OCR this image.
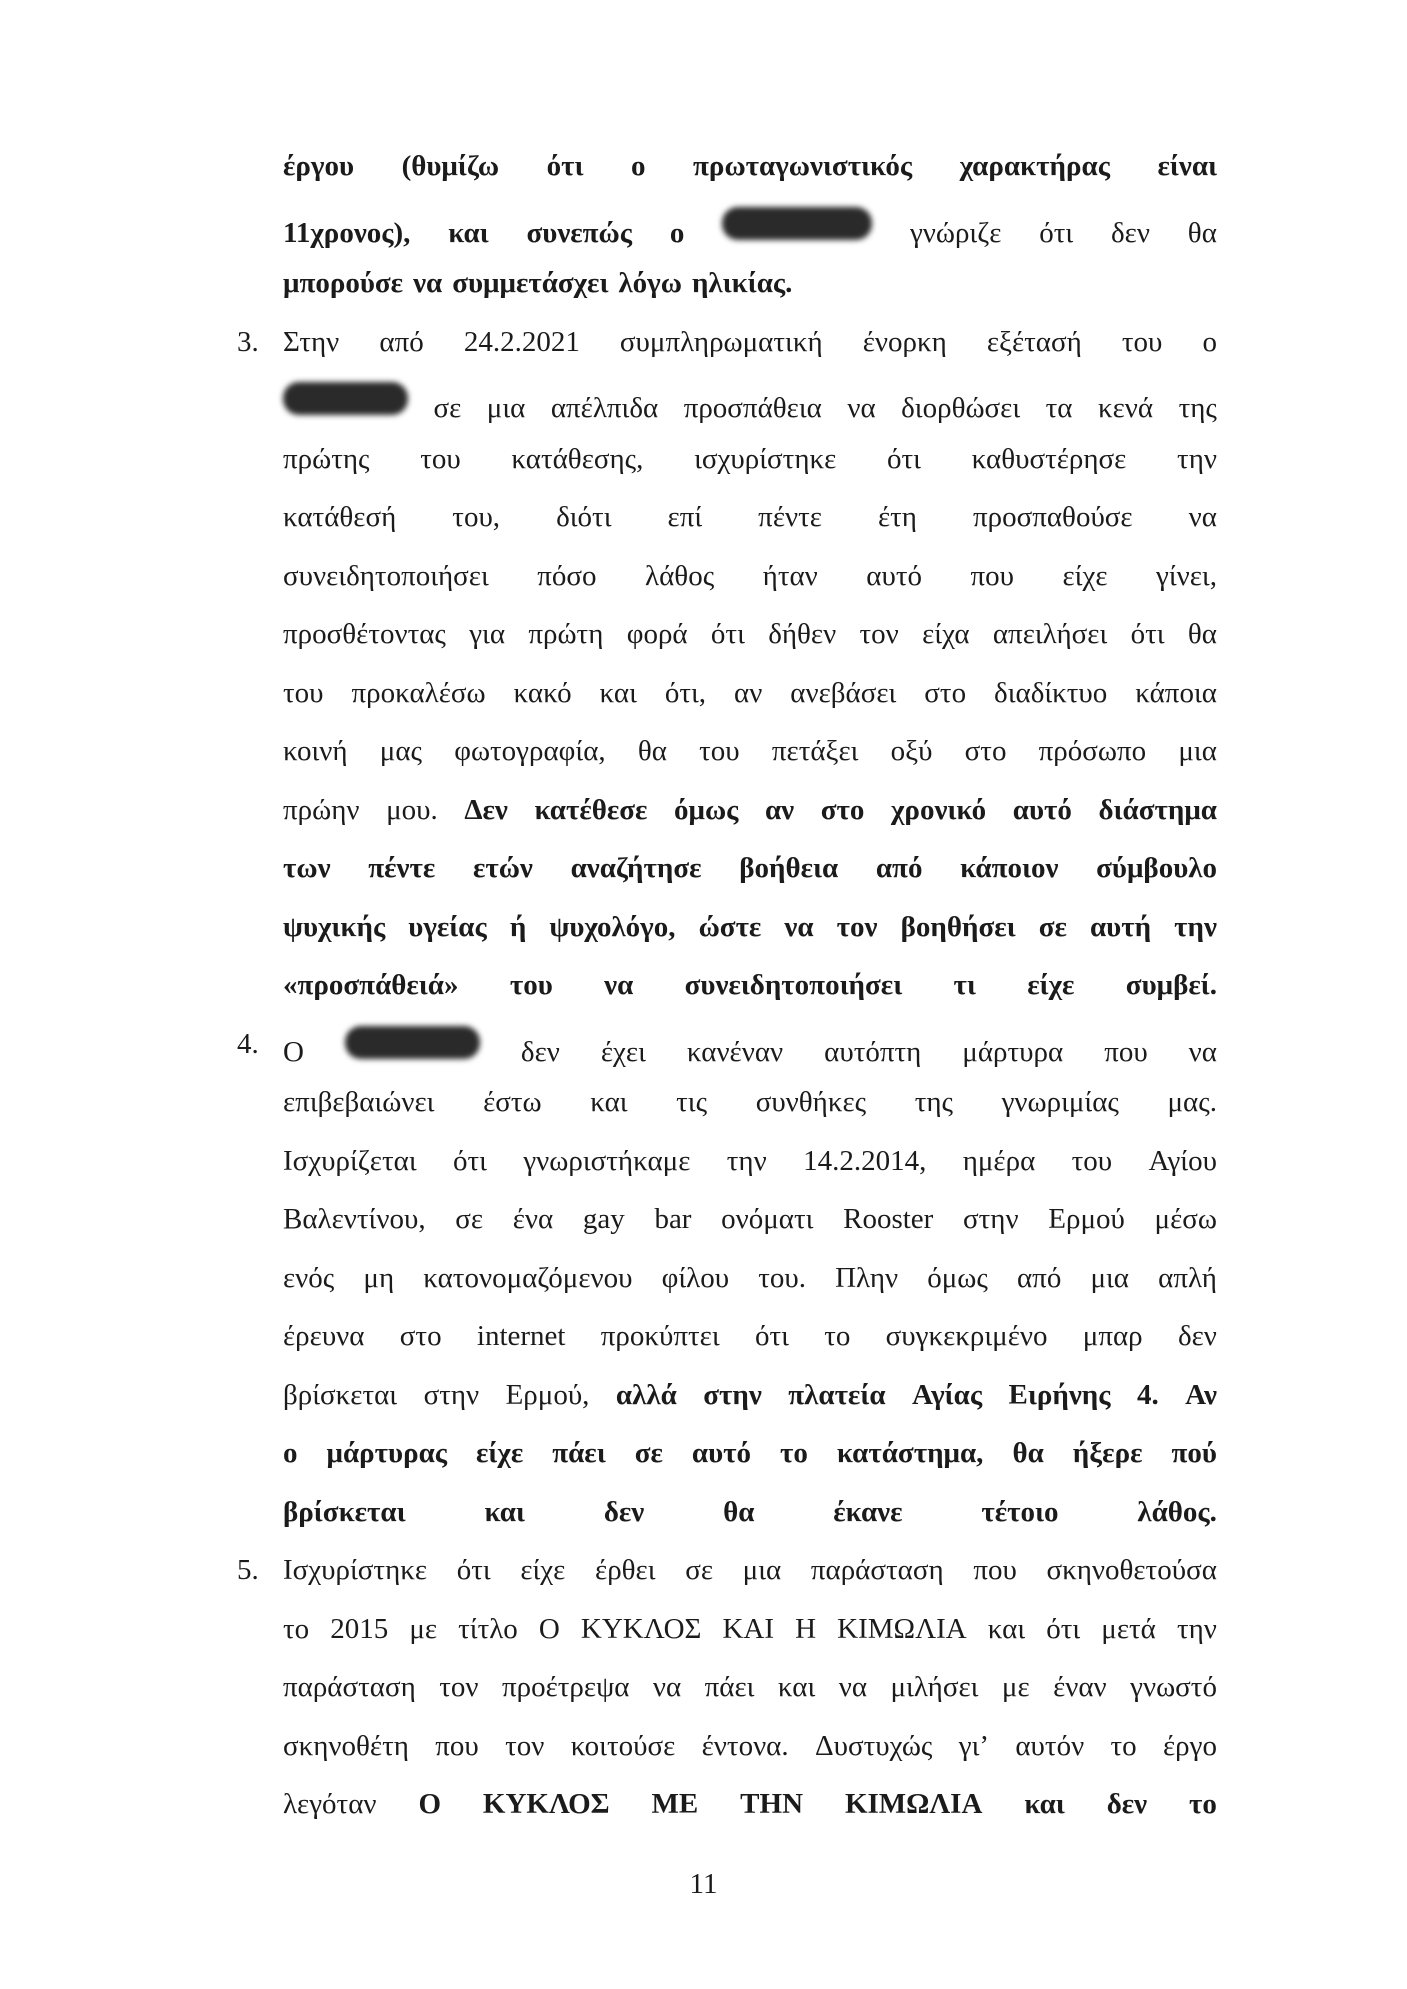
έργου (θυμίζω ότι ο πρωταγωνιστικός χαρακτήρας είναι
11χρονος), και συνεπώς ο	γνώριζε ότι δεν θα
μπορούσε να συμμετάσχει λόγω ηλικίας.
3. Στην από 24.2.2021 συμπληρωματική ένορκη εξέτασή του ο
σε μια απέλπιδα προσπάθεια να διορθώσει τα κενά της
πρώτης του κατάθεσης, ισχυρίστηκε ότι καθυστέρησε την
κατάθεσή του, διότι επί πέντε έτη προσπαθούσε να
συνειδητοποιήσει πόσο λάθος ήταν αυτό που είχε γίνει,
προσθέτοντας για πρώτη φορά ότι δήθεν τον είχα απειλήσει ότι θα
του προκαλέσω κακό και ότι, αν ανεβάσει στο διαδίκτυο κάποια
κοινή μας φωτογραφία, θα του πετάξει οξύ στο πρόσωπο μια
πρώην μου. Δεν κατέθεσε όμως αν στο χρονικό αυτό διάστημα
των πέντε ετών αναζήτησε βοήθεια από κάποιον σύμβουλο
ψυχικής υγείας ή ψυχολόγο, ώστε να τον βοηθήσει σε αυτή την
«προσπάθειά» του να συνειδητοποιήσει τι είχε συμβεί.
4. Ο	δεν έχει κανέναν αυτόπτη μάρτυρα που να
επιβεβαιώνει έστω και τις συνθήκες της γνωριμίας μας.
Ισχυρίζεται ότι γνωριστήκαμε την 14.2.2014, ημέρα του Αγίου
Βαλεντίνου, σε ένα gay bar ονόματι Rooster στην Ερμού μέσω
ενός μη κατονομαζόμενου φίλου του. Πλην όμως από μια απλή
έρευνα στο internet προκύπτει ότι το συγκεκριμένο μπαρ δεν
βρίσκεται στην Ερμού, αλλά στην πλατεία Αγίας Ειρήνης 4. Αν
ο μάρτυρας είχε πάει σε αυτό το κατάστημα, θα ήξερε πού
βρίσκεται	και	δεν	θα	έκανε	τέτοιο	λάθος.
5. Ισχυρίστηκε ότι είχε έρθει σε μια παράσταση που σκηνοθετούσα
το 2015 με τίτλο Ο ΚΥΚΛΟΣ ΚΑΙ Η ΚΙΜΩΛΙΑ και ότι μετά την
παράσταση τον προέτρεψα να πάει και να μιλήσει με έναν γνωστό
σκηνοθέτη που τον κοιτούσε έντονα. Δυστυχώς γι’ αυτόν το έργο
λεγόταν Ο ΚΥΚΛΟΣ ΜΕ ΤΗΝ ΚΙΜΩΛΙΑ και δεν το
11
